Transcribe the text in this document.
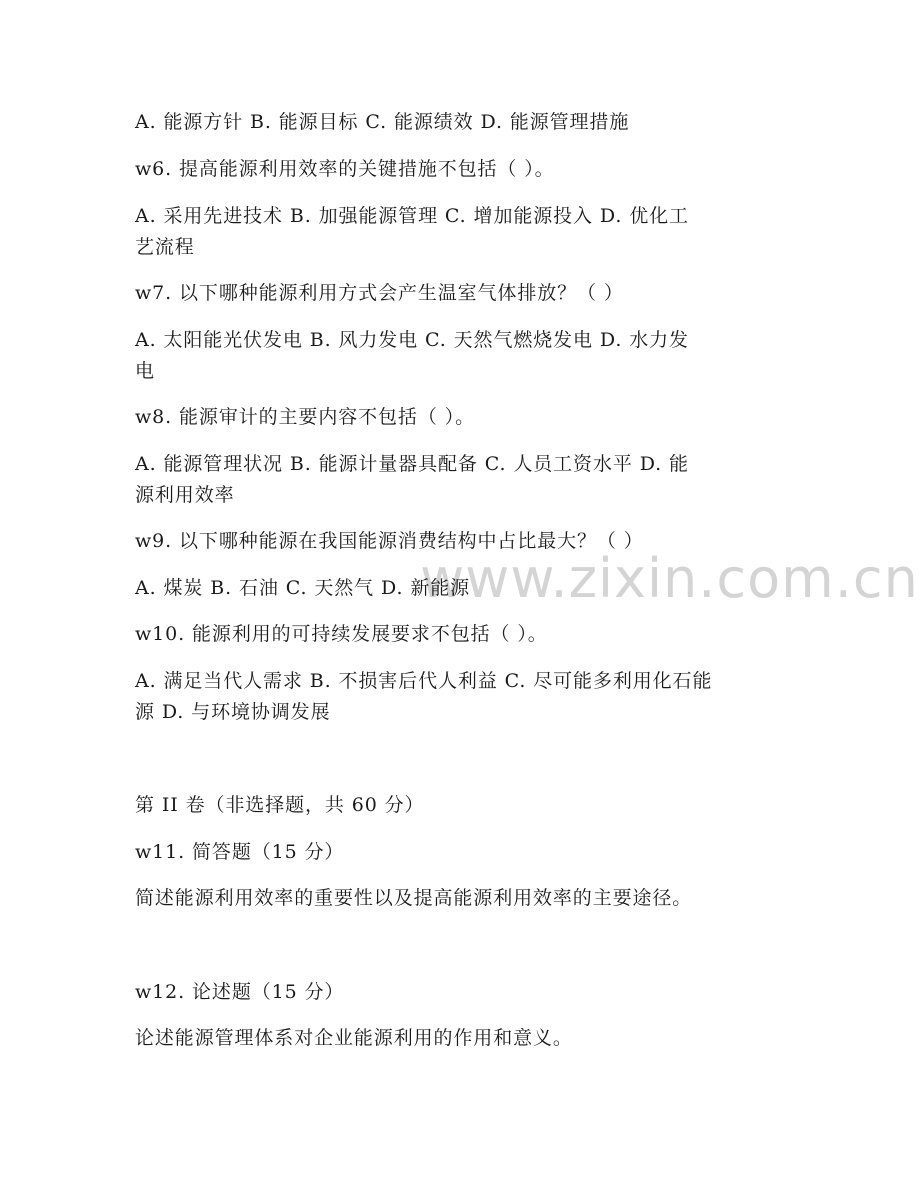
www.zixin.com.cn
A. 能源方针 B. 能源目标 C. 能源绩效 D. 能源管理措施
w6. 提高能源利用效率的关键措施不包括（ ）。
A. 采用先进技术 B. 加强能源管理 C. 增加能源投入 D. 优化工
艺流程
w7. 以下哪种能源利用方式会产生温室气体排放？（ ）
A. 太阳能光伏发电 B. 风力发电 C. 天然气燃烧发电 D. 水力发
电
w8. 能源审计的主要内容不包括（ ）。
A. 能源管理状况 B. 能源计量器具配备 C. 人员工资水平 D. 能
源利用效率
w9. 以下哪种能源在我国能源消费结构中占比最大？（ ）
A. 煤炭 B. 石油 C. 天然气 D. 新能源
w10. 能源利用的可持续发展要求不包括（ ）。
A. 满足当代人需求 B. 不损害后代人利益 C. 尽可能多利用化石能
源 D. 与环境协调发展
第 II 卷（非选择题，共 60 分）
w11. 简答题（15 分）
简述能源利用效率的重要性以及提高能源利用效率的主要途径。
w12. 论述题（15 分）
论述能源管理体系对企业能源利用的作用和意义。
